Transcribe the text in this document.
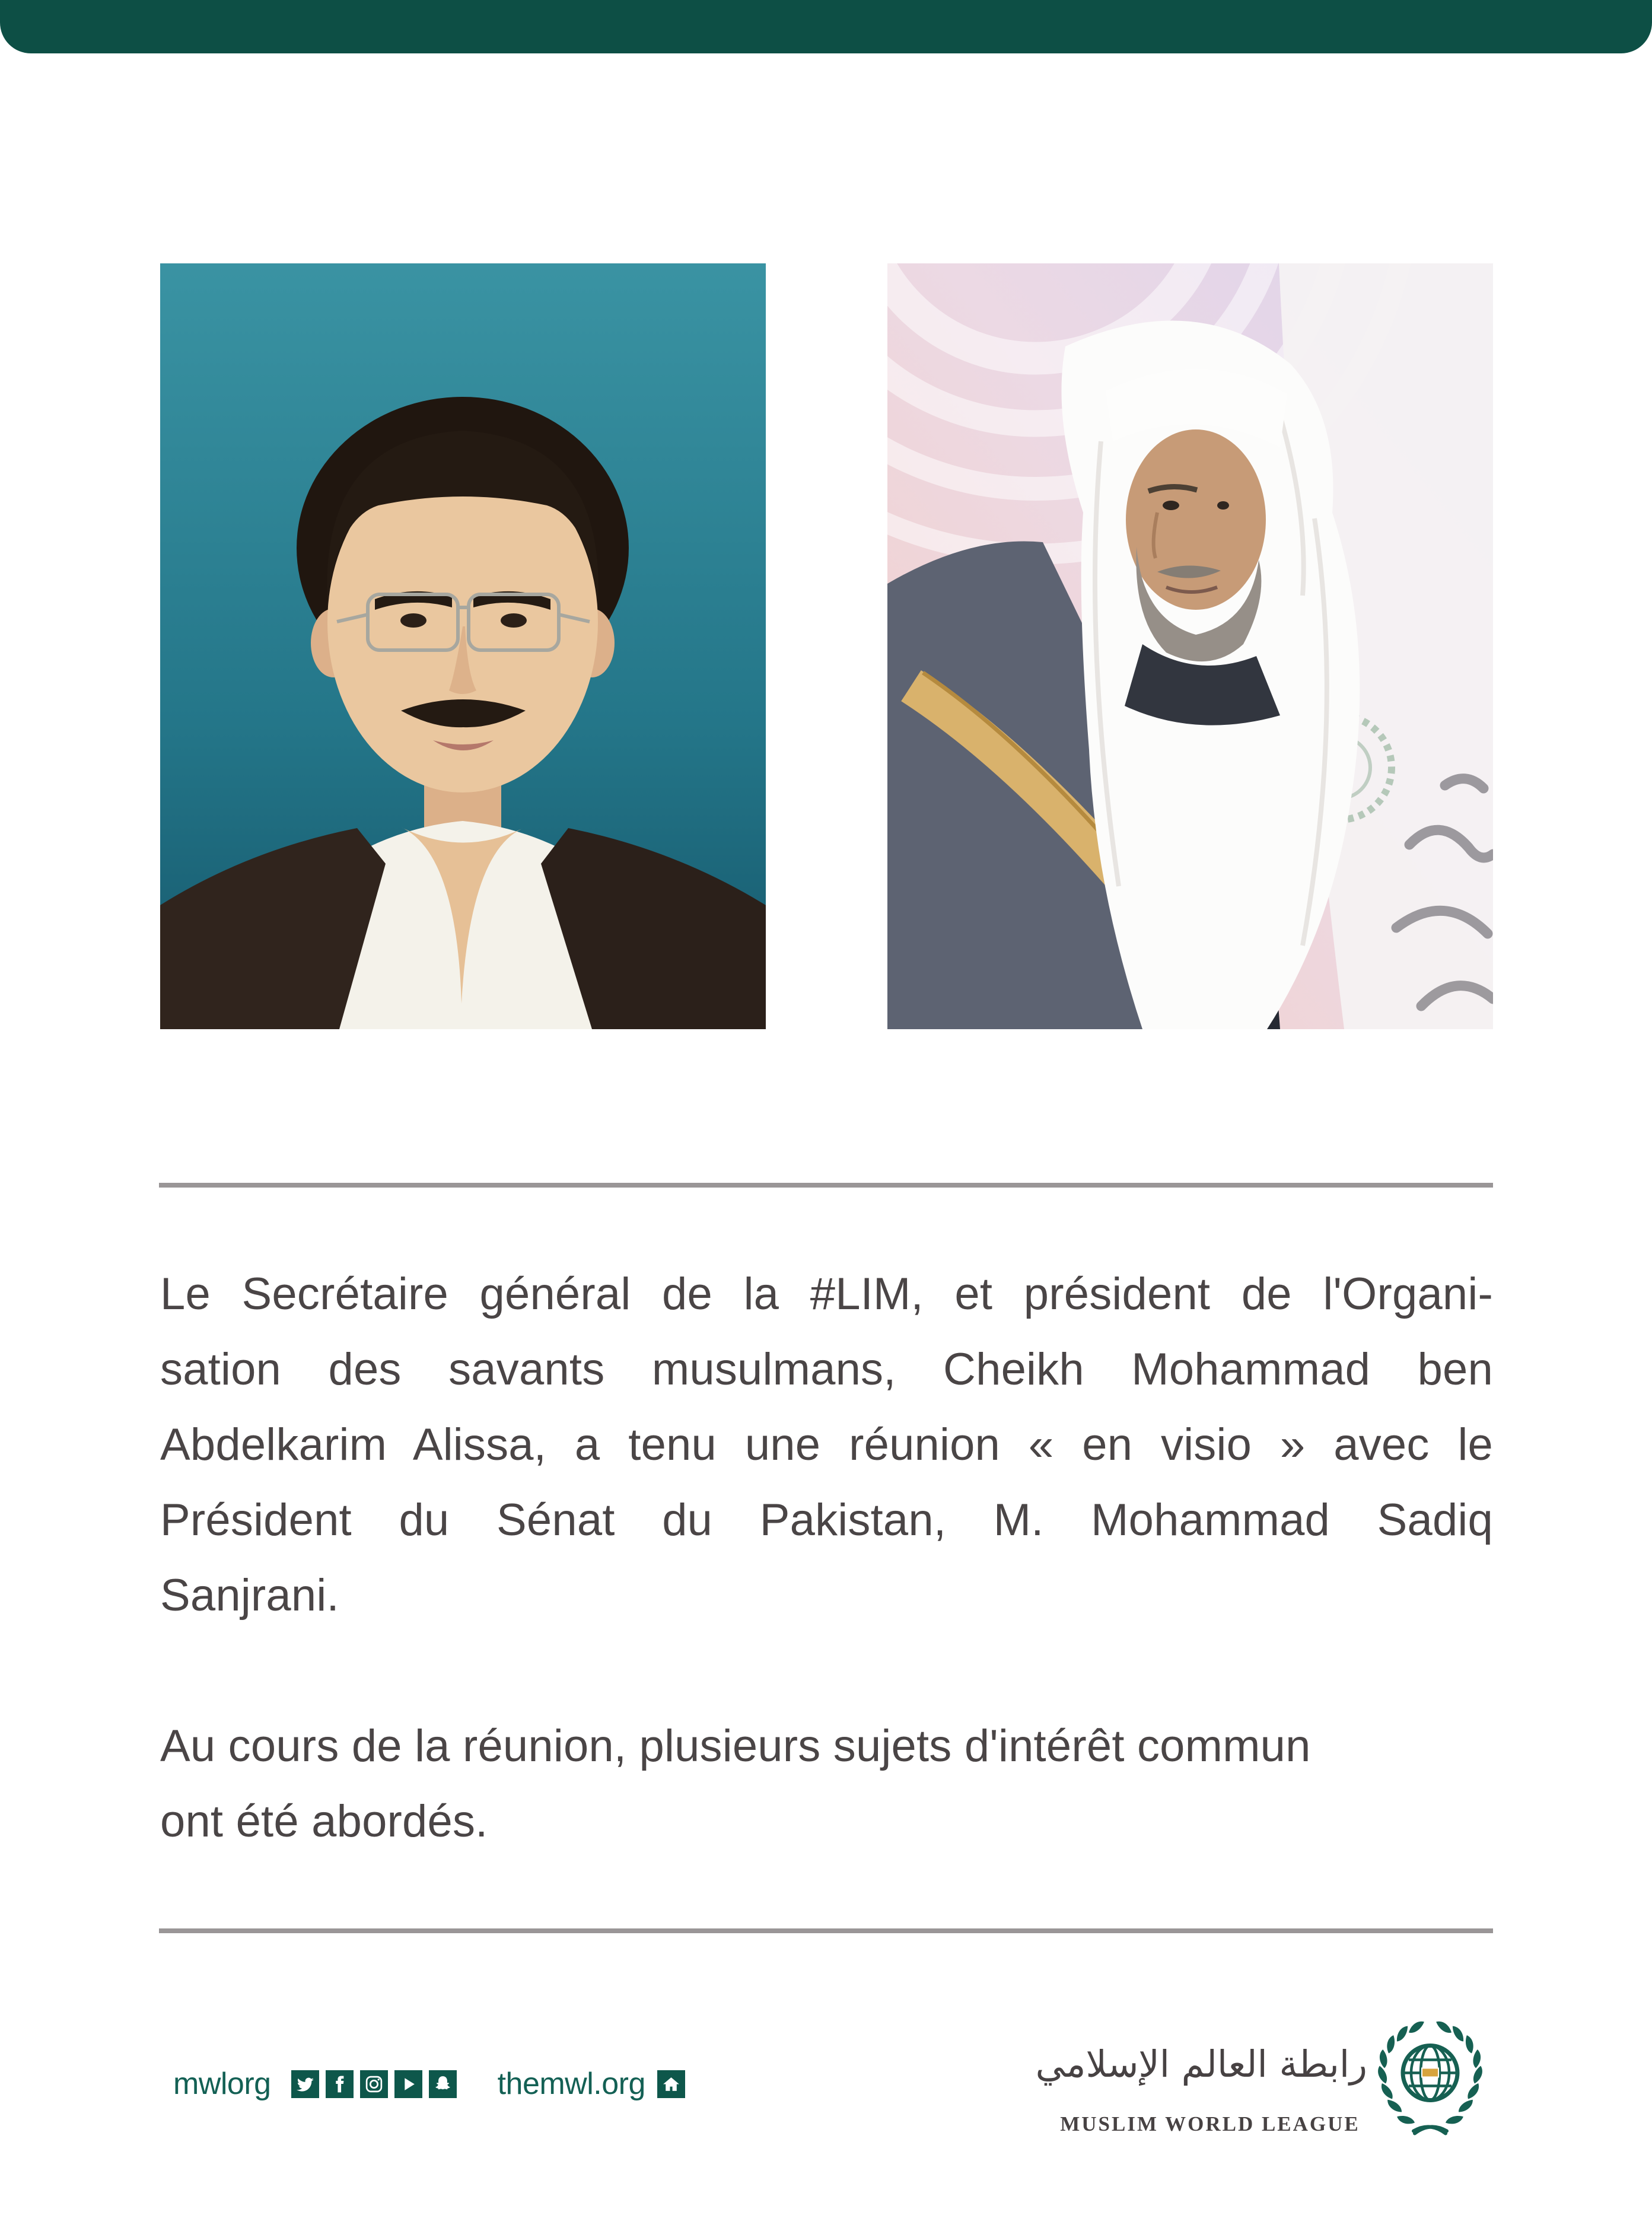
Le Secrétaire général de la #LIM, et président de l'Organi-
sation des savants musulmans, Cheikh Mohammad ben
Abdelkarim Alissa, a tenu une réunion « en visio » avec le
Président du Sénat du Pakistan, M. Mohammad Sadiq
Sanjrani.
Au cours de la réunion, plusieurs sujets d'intérêt commun
ont été abordés.
mwlorg	themwl.org	رابطة العالم الإسلامي
MUSLIM WORLD LEAGUE
